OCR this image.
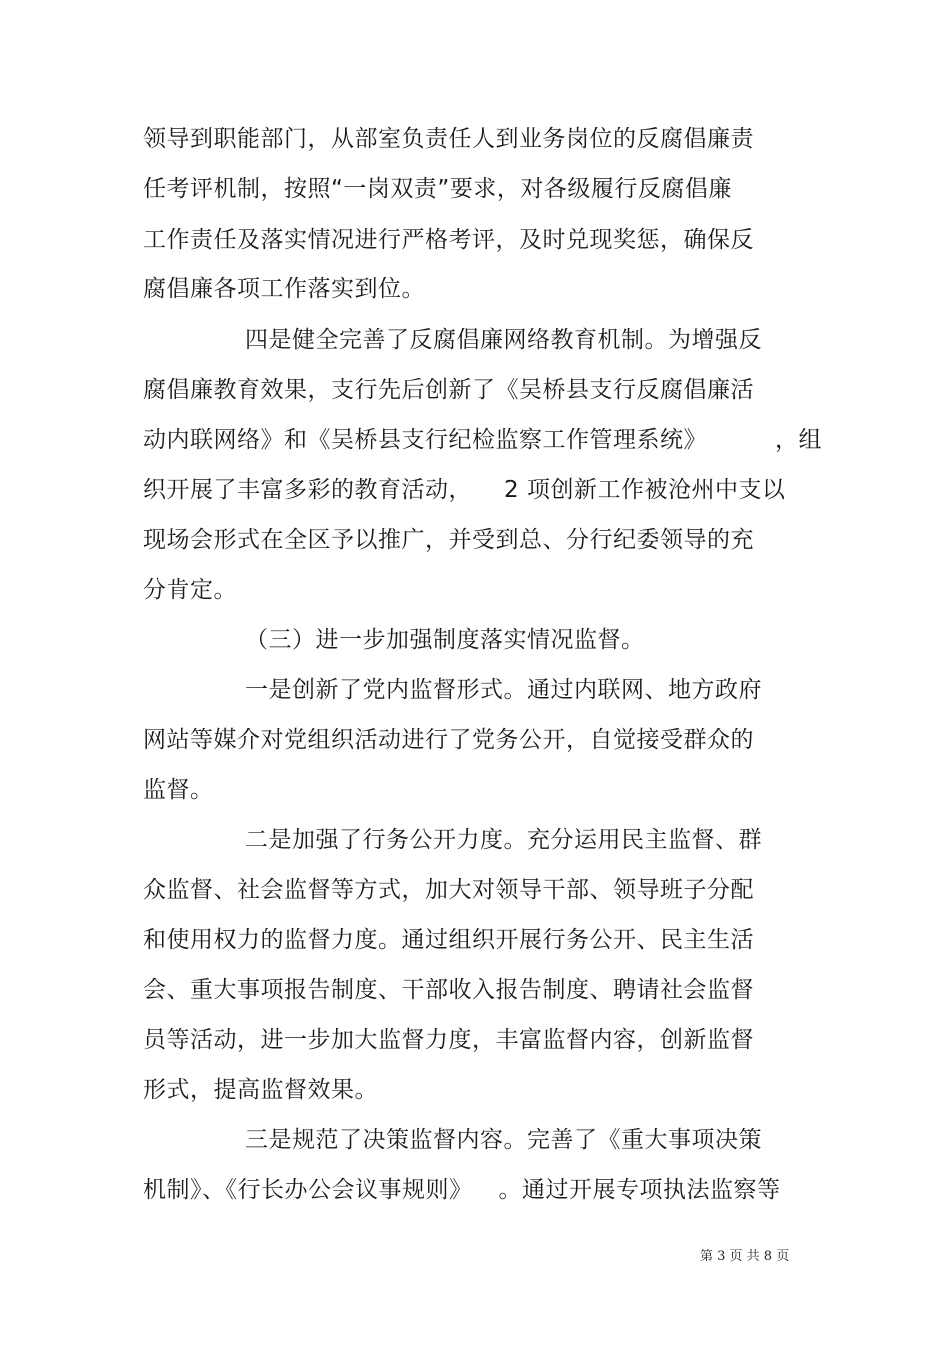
领导到职能部门，从部室负责任人到业务岗位的反腐倡廉责
任考评机制，按照“一岗双责”要求，对各级履行反腐倡廉
工作责任及落实情况进行严格考评，及时兑现奖惩，确保反
腐倡廉各项工作落实到位。
四是健全完善了反腐倡廉网络教育机制。为增强反
腐倡廉教育效果，支行先后创新了《吴桥县支行反腐倡廉活
动内联网络》和《吴桥县支行纪检监察工作管理系统》	，组
织开展了丰富多彩的教育活动， 2 项创新工作被沧州中支以
现场会形式在全区予以推广，并受到总、分行纪委领导的充
分肯定。
（三）进一步加强制度落实情况监督。
一是创新了党内监督形式。通过内联网、地方政府
网站等媒介对党组织活动进行了党务公开，自觉接受群众的
监督。
二是加强了行务公开力度。充分运用民主监督、群
众监督、社会监督等方式，加大对领导干部、领导班子分配
和使用权力的监督力度。通过组织开展行务公开、民主生活
会、重大事项报告制度、干部收入报告制度、聘请社会监督
员等活动，进一步加大监督力度，丰富监督内容，创新监督
形式，提高监督效果。
三是规范了决策监督内容。完善了《重大事项决策
机制》、《行长办公会议事规则》 。通过开展专项执法监察等
第 3 页 共 8 页
